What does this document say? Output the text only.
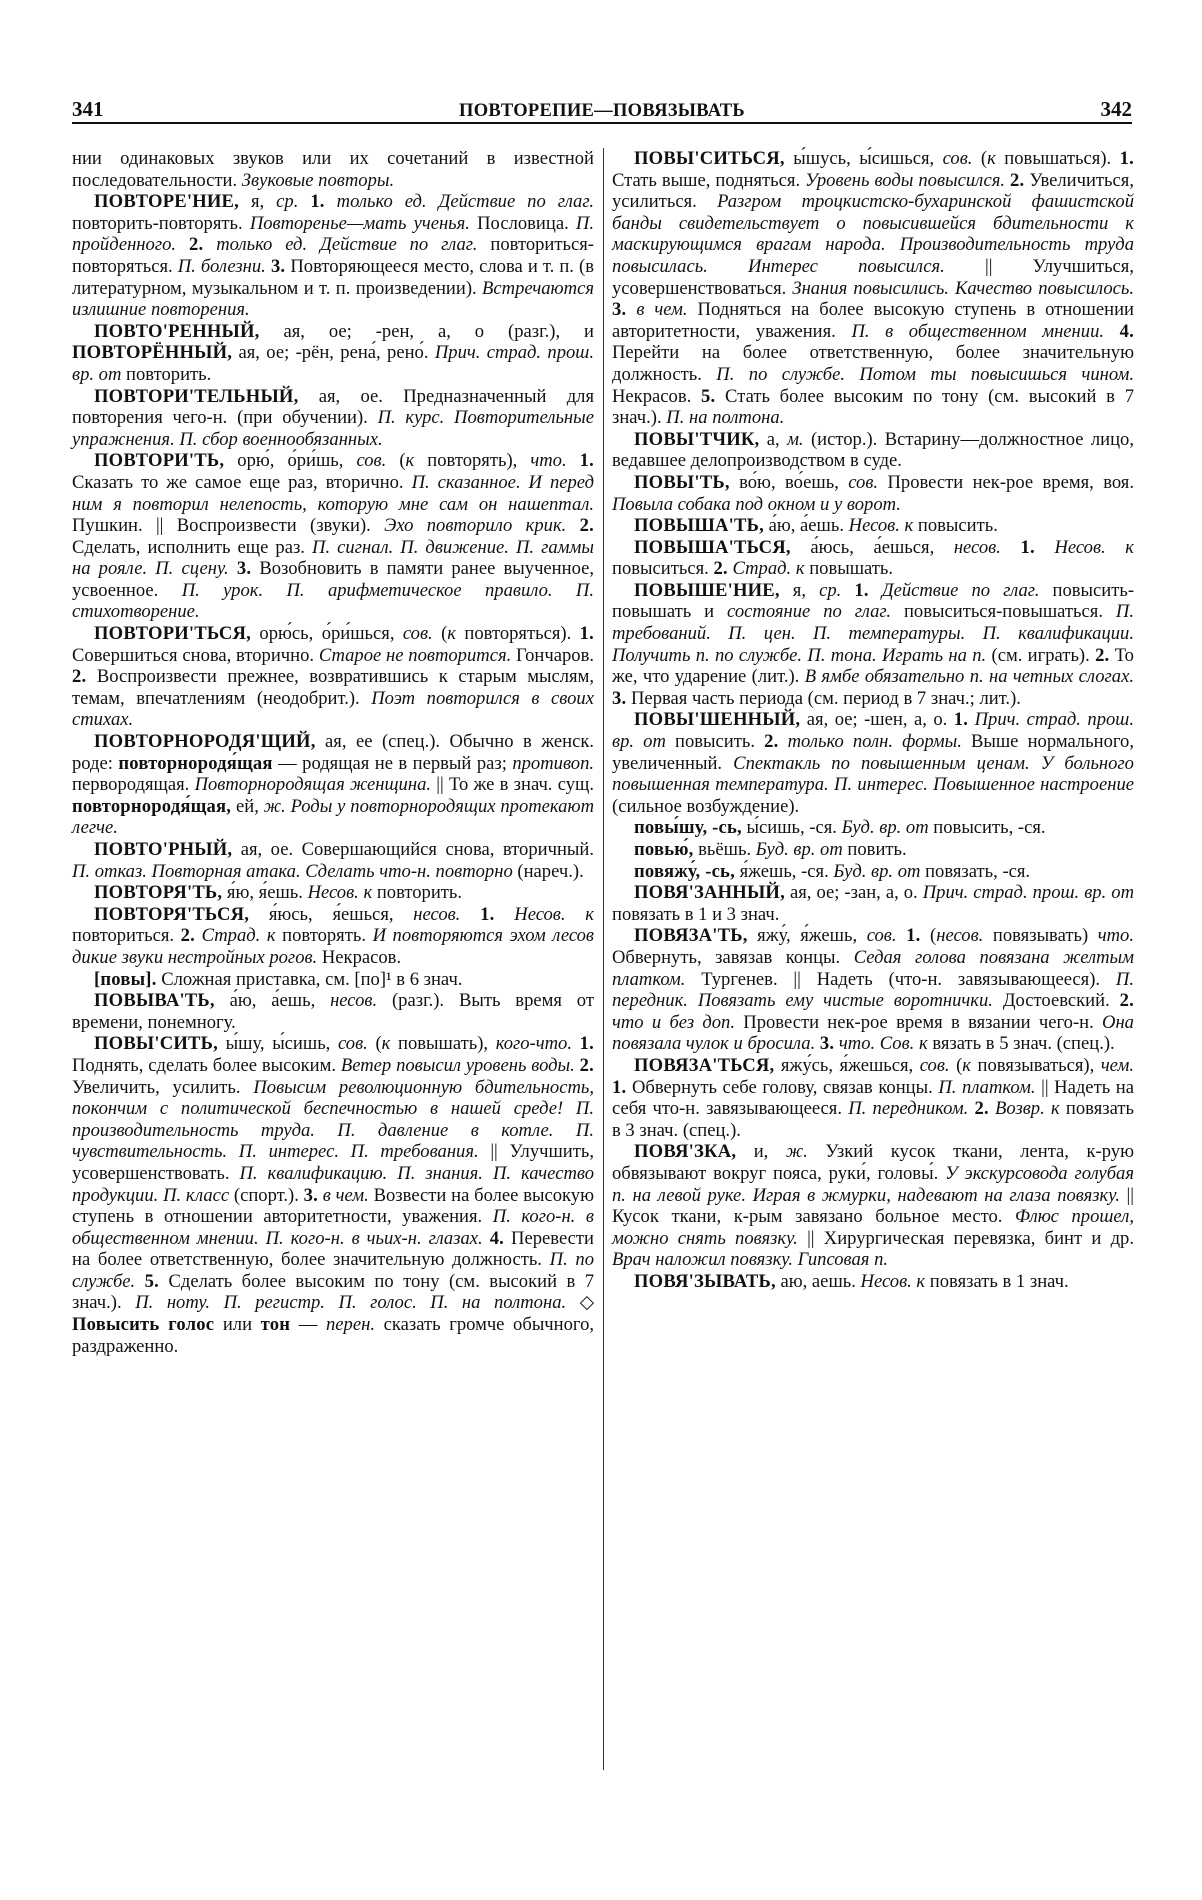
341	ПОВТОРЕПИЕ—ПОВЯЗЫВАТЬ	342

нии одинаковых звуков или их сочетаний в известной последовательности. Звуковые повторы.

ПОВТОРЕ'НИЕ, я, ср. 1. только ед. Действие по глаг. повторить-повторять. Повторенье—мать ученья. Пословица. П. пройденного. 2. только ед. Действие по глаг. повториться-повторяться. П. болезни. 3. Повторяющееся место, слова и т. п. (в литературном, музыкальном и т. п. произведении). Встречаются излишние повторения.

ПОВТО'РЕННЫЙ, ая, ое; -рен, а, о (разг.), и ПОВТОРЁННЫЙ, ая, ое; -рён, рена́, рено́. Прич. страд. прош. вр. от повторить.

ПОВТОРИ'ТЕЛЬНЫЙ, ая, ое. Предназначенный для повторения чего-н. (при обучении). П. курс. Повторительные упражнения. П. сбор военнообязанных.

ПОВТОРИ'ТЬ, орю́, о́ри́шь, сов. (к повторять), что. 1. Сказать то же самое еще раз, вторично. П. сказанное. И перед ним я повторил нелепость, которую мне сам он нашептал. Пушкин. || Воспроизвести (звуки). Эхо повторило крик. 2. Сделать, исполнить еще раз. П. сигнал. П. движение. П. гаммы на рояле. П. сцену. 3. Возобновить в памяти ранее выученное, усвоенное. П. урок. П. арифметическое правило. П. стихотворение.

ПОВТОРИ'ТЬСЯ, орю́сь, о́ри́шься, сов. (к повторяться). 1. Совершиться снова, вторично. Старое не повторится. Гончаров. 2. Воспроизвести прежнее, возвратившись к старым мыслям, темам, впечатлениям (неодобрит.). Поэт повторился в своих стихах.

ПОВТОРНОРОДЯ'ЩИЙ, ая, ее (спец.). Обычно в женск. роде: повторнородя́щая — родящая не в первый раз; противоп. первородящая. Повторнородящая женщина. || То же в знач. сущ. повторнородя́щая, ей, ж. Роды у повторнородящих протекают легче.

ПОВТО'РНЫЙ, ая, ое. Совершающийся снова, вторичный. П. отказ. Повторная атака. Сделать что-н. повторно (нареч.).

ПОВТОРЯ'ТЬ, я́ю, я́ешь. Несов. к повторить.

ПОВТОРЯ'ТЬСЯ, я́юсь, я́ешься, несов. 1. Несов. к повториться. 2. Страд. к повторять. И повторяются эхом лесов дикие звуки нестройных рогов. Некрасов.

[повы]. Сложная приставка, см. [по]¹ в 6 знач.

ПОВЫВА'ТЬ, а́ю, а́ешь, несов. (разг.). Выть время от времени, понемногу.

ПОВЫ'СИТЬ, ы́шу, ы́сишь, сов. (к повышать), кого-что. 1. Поднять, сделать более высоким. Ветер повысил уровень воды. 2. Увеличить, усилить. Повысим революционную бдительность, покончим с политической беспечностью в нашей среде! П. производительность труда. П. давление в котле. П. чувствительность. П. интерес. П. требования. || Улучшить, усовершенствовать. П. квалификацию. П. знания. П. качество продукции. П. класс (спорт.). 3. в чем. Возвести на более высокую ступень в отношении авторитетности, уважения. П. кого-н. в общественном мнении. П. кого-н. в чьих-н. глазах. 4. Перевести на более ответственную, более значительную должность. П. по службе. 5. Сделать более высоким по тону (см. высокий в 7 знач.). П. ноту. П. регистр. П. голос. П. на полтона. ◇ Повысить голос или тон — перен. сказать громче обычного, раздраженно.

ПОВЫ'СИТЬСЯ, ы́шусь, ы́сишься, сов. (к повышаться). 1. Стать выше, подняться. Уровень воды повысился. 2. Увеличиться, усилиться. Разгром троцкистско-бухаринской фашистской банды свидетельствует о повысившейся бдительности к маскирующимся врагам народа. Производительность труда повысилась. Интерес повысился. || Улучшиться, усовершенствоваться. Знания повысились. Качество повысилось. 3. в чем. Подняться на более высокую ступень в отношении авторитетности, уважения. П. в общественном мнении. 4. Перейти на более ответственную, более значительную должность. П. по службе. Потом ты повысишься чином. Некрасов. 5. Стать более высоким по тону (см. высокий в 7 знач.). П. на полтона.

ПОВЫ'ТЧИК, а, м. (истор.). Встарину—должностное лицо, ведавшее делопроизводством в суде.

ПОВЫ'ТЬ, во́ю, во́ешь, сов. Провести нек-рое время, воя. Повыла собака под окном и у ворот.

ПОВЫША'ТЬ, а́ю, а́ешь. Несов. к повысить.

ПОВЫША'ТЬСЯ, а́юсь, а́ешься, несов. 1. Несов. к повыситься. 2. Страд. к повышать.

ПОВЫШЕ'НИЕ, я, ср. 1. Действие по глаг. повысить-повышать и состояние по глаг. повыситься-повышаться. П. требований. П. цен. П. температуры. П. квалификации. Получить п. по службе. П. тона. Играть на п. (см. играть). 2. То же, что ударение (лит.). В ямбе обязательно п. на четных слогах. 3. Первая часть периода (см. период в 7 знач.; лит.).

ПОВЫ'ШЕННЫЙ, ая, ое; -шен, а, о. 1. Прич. страд. прош. вр. от повысить. 2. только полн. формы. Выше нормального, увеличенный. Спектакль по повышенным ценам. У больного повышенная температура. П. интерес. Повышенное настроение (сильное возбуждение).

повы́шу, -сь, ы́сишь, -ся. Буд. вр. от повысить, -ся.

повью́, вьёшь. Буд. вр. от повить.

повяжу́, -сь, я́жешь, -ся. Буд. вр. от повязать, -ся.

ПОВЯ'ЗАННЫЙ, ая, ое; -зан, а, о. Прич. страд. прош. вр. от повязать в 1 и 3 знач.

ПОВЯЗА'ТЬ, яжу́, я́жешь, сов. 1. (несов. повязывать) что. Обвернуть, завязав концы. Седая голова повязана желтым платком. Тургенев. || Надеть (что-н. завязывающееся). П. передник. Повязать ему чистые воротнички. Достоевский. 2. что и без доп. Провести нек-рое время в вязании чего-н. Она повязала чулок и бросила. 3. что. Сов. к вязать в 5 знач. (спец.).

ПОВЯЗА'ТЬСЯ, яжу́сь, я́жешься, сов. (к повязываться), чем. 1. Обвернуть себе голову, связав концы. П. платком. || Надеть на себя что-н. завязывающееся. П. передником. 2. Возвр. к повязать в 3 знач. (спец.).

ПОВЯ'ЗКА, и, ж. Узкий кусок ткани, лента, к-рую обвязывают вокруг пояса, руки́, головы́. У экскурсовода голубая п. на левой руке. Играя в жмурки, надевают на глаза повязку. || Кусок ткани, к-рым завязано больное место. Флюс прошел, можно снять повязку. || Хирургическая перевязка, бинт и др. Врач наложил повязку. Гипсовая п.

ПОВЯ'ЗЫВАТЬ, аю, аешь. Несов. к повязать в 1 знач.
